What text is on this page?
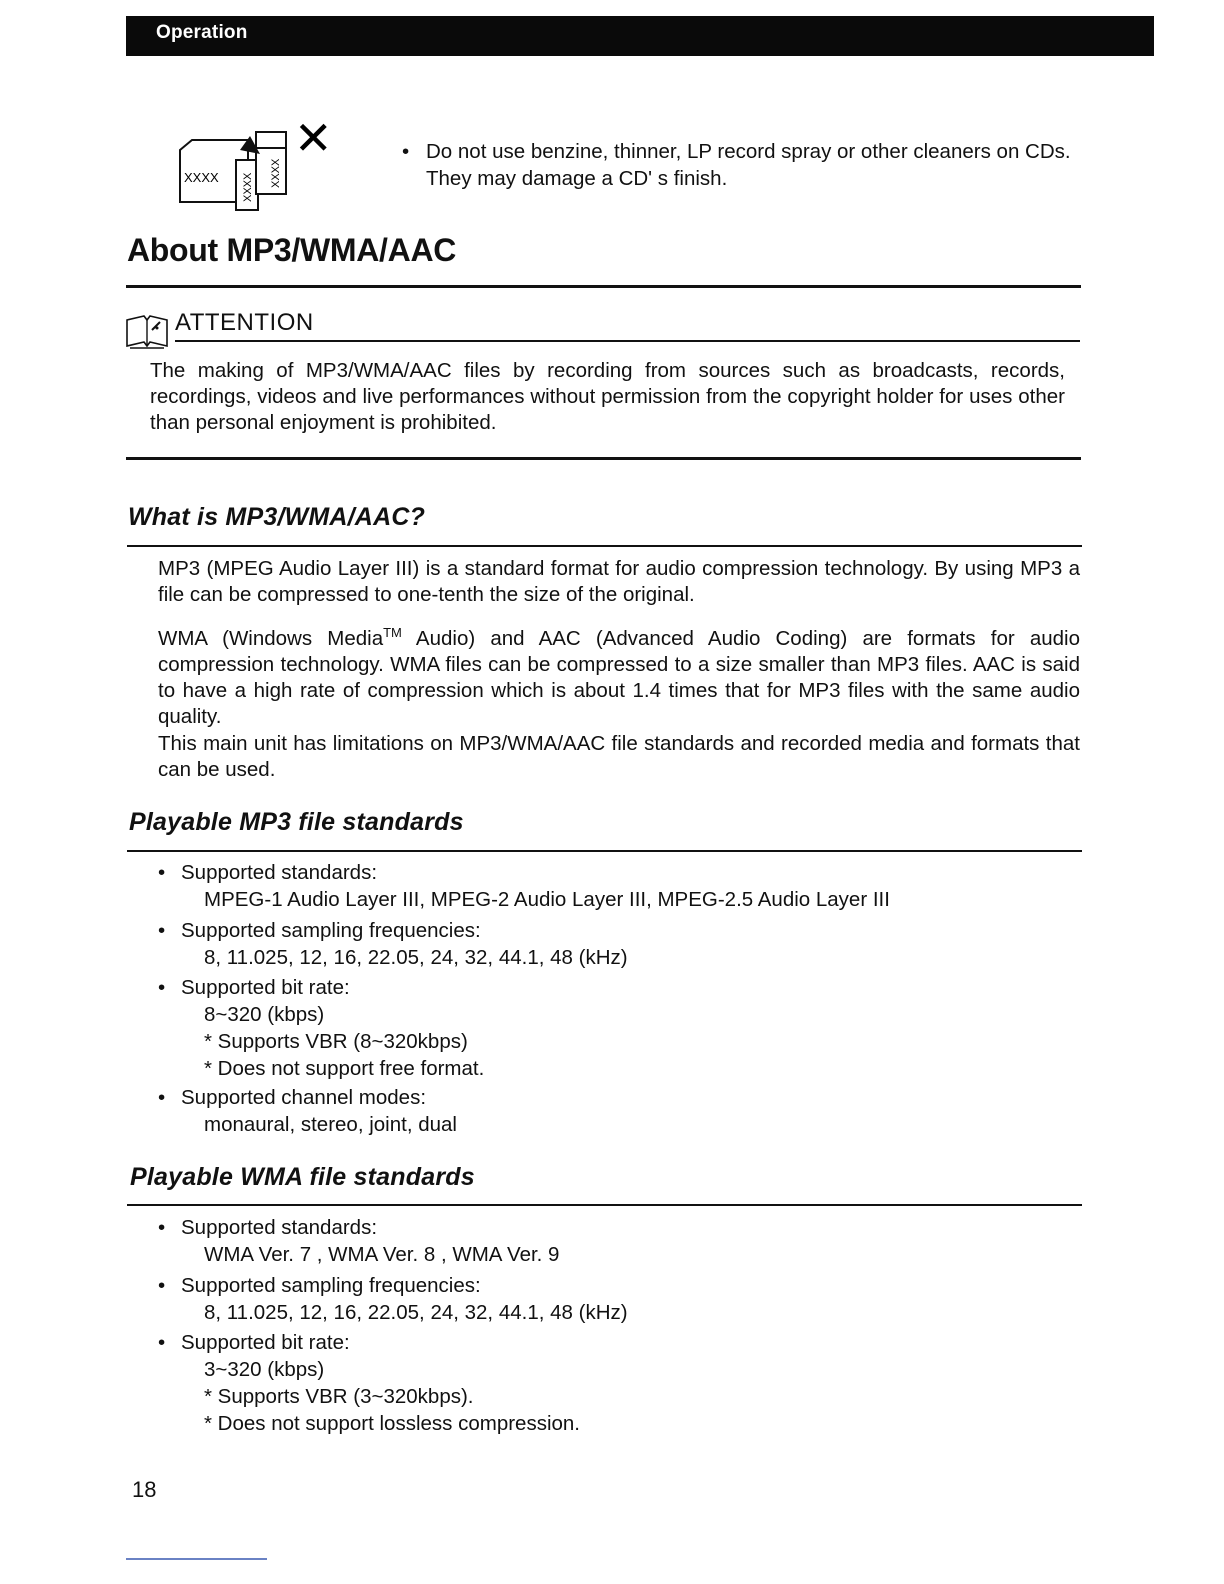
Operation
XXXX XXXX XXXX
✕	• Do not use benzine, thinner, LP record spray or other cleaners on CDs. They may damage a CD' s finish.
About MP3/WMA/AAC
ATTENTION
The making of MP3/WMA/AAC files by recording from sources such as broadcasts, records, recordings, videos and live performances without permission from the copyright holder for uses other than personal enjoyment is prohibited.
What is MP3/WMA/AAC?

MP3 (MPEG Audio Layer III) is a standard format for audio compression technology. By using MP3 a file can be compressed to one-tenth the size of the original.

WMA (Windows Media™ Audio) and AAC (Advanced Audio Coding) are formats for audio compression technology. WMA files can be compressed to a size smaller than MP3 files. AAC is said to have a high rate of compression which is about 1.4 times that for MP3 files with the same audio quality.

This main unit has limitations on MP3/WMA/AAC file standards and recorded media and formats that can be used.

Playable MP3 file standards
• Supported standards:
MPEG-1 Audio Layer III, MPEG-2 Audio Layer III, MPEG-2.5 Audio Layer III
• Supported sampling frequencies:
8, 11.025, 12, 16, 22.05, 24, 32, 44.1, 48 (kHz)
• Supported bit rate:
8~320 (kbps)
* Supports VBR (8~320kbps)
* Does not support free format.
• Supported channel modes:
monaural, stereo, joint, dual
Playable WMA file standards
• Supported standards:
WMA Ver. 7 , WMA Ver. 8 , WMA Ver. 9
• Supported sampling frequencies:
8, 11.025, 12, 16, 22.05, 24, 32, 44.1, 48 (kHz)
• Supported bit rate:
3~320 (kbps)
* Supports VBR (3~320kbps).
* Does not support lossless compression.
18
